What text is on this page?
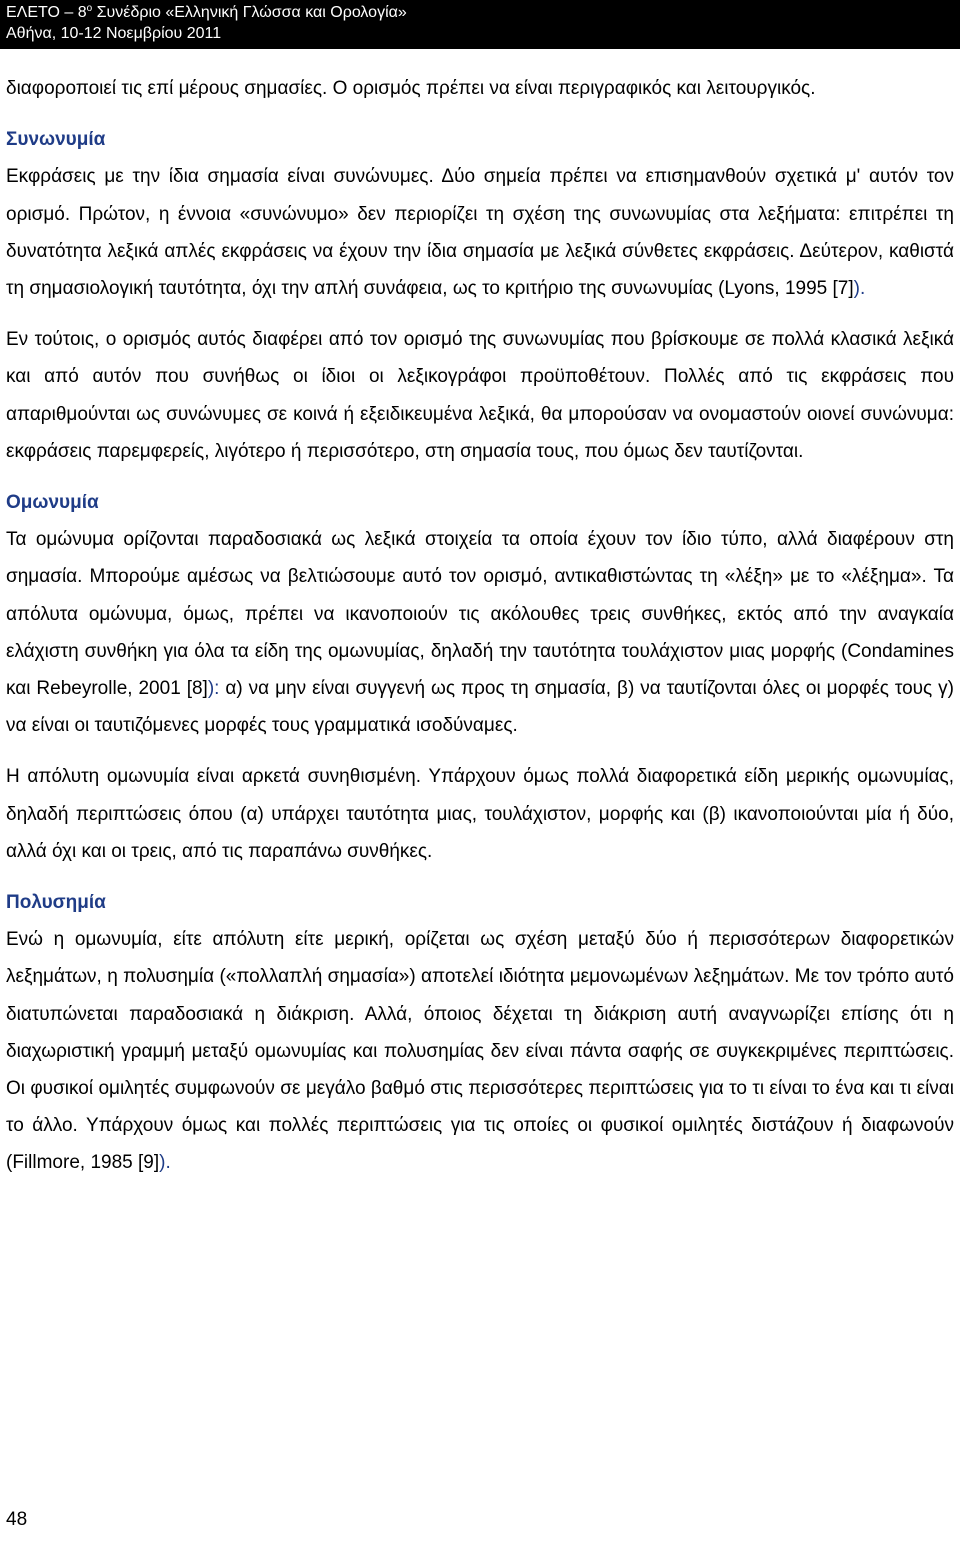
ΕΛΕΤΟ – $8^o$ Συνέδριο «Ελληνική Γλώσσα και Ορολογία»
Αθήνα, 10-12 Νοεμβρίου 2011

διαφοροποιεί τις επί μέρους σημασίες. Ο ορισμός πρέπει να είναι περιγραφικός και λειτουργικός.

Συνωνυμία

Εκφράσεις με την ίδια σημασία είναι συνώνυμες. Δύο σημεία πρέπει να επισημανθούν σχετικά μ' αυτόν τον ορισμό. Πρώτον, η έννοια «συνώνυμο» δεν περιορίζει τη σχέση της συνωνυμίας στα λεξήματα: επιτρέπει τη δυνατότητα λεξικά απλές εκφράσεις να έχουν την ίδια σημασία με λεξικά σύνθετες εκφράσεις. Δεύτερον, καθιστά τη σημασιολογική ταυτότητα, όχι την απλή συνάφεια, ως το κριτήριο της συνωνυμίας (Lyons, 1995 [7]).

Εν τούτοις, ο ορισμός αυτός διαφέρει από τον ορισμό της συνωνυμίας που βρίσκουμε σε πολλά κλασικά λεξικά και από αυτόν που συνήθως οι ίδιοι οι λεξικογράφοι προϋποθέτουν. Πολλές από τις εκφράσεις που απαριθμούνται ως συνώνυμες σε κοινά ή εξειδικευμένα λεξικά, θα μπορούσαν να ονομαστούν οιονεί συνώνυμα: εκφράσεις παρεμφερείς, λιγότερο ή περισσότερο, στη σημασία τους, που όμως δεν ταυτίζονται.

Ομωνυμία

Τα ομώνυμα ορίζονται παραδοσιακά ως λεξικά στοιχεία τα οποία έχουν τον ίδιο τύπο, αλλά διαφέρουν στη σημασία. Μπορούμε αμέσως να βελτιώσουμε αυτό τον ορισμό, αντικαθιστώντας τη «λέξη» με το «λέξημα». Τα απόλυτα ομώνυμα, όμως, πρέπει να ικανοποιούν τις ακόλουθες τρεις συνθήκες, εκτός από την αναγκαία ελάχιστη συνθήκη για όλα τα είδη της ομωνυμίας, δηλαδή την ταυτότητα τουλάχιστον μιας μορφής (Condamines και Rebeyrolle, 2001 [8]): α) να μην είναι συγγενή ως προς τη σημασία, β) να ταυτίζονται όλες οι μορφές τους γ) να είναι οι ταυτιζόμενες μορφές τους γραμματικά ισοδύναμες.

Η απόλυτη ομωνυμία είναι αρκετά συνηθισμένη. Υπάρχουν όμως πολλά διαφορετικά είδη μερικής ομωνυμίας, δηλαδή περιπτώσεις όπου (α) υπάρχει ταυτότητα μιας, τουλάχιστον, μορφής και (β) ικανοποιούνται μία ή δύο, αλλά όχι και οι τρεις, από τις παραπάνω συνθήκες.

Πολυσημία

Ενώ η ομωνυμία, είτε απόλυτη είτε μερική, ορίζεται ως σχέση μεταξύ δύο ή περισσότερων διαφορετικών λεξημάτων, η πολυσημία («πολλαπλή σημασία») αποτελεί ιδιότητα μεμονωμένων λεξημάτων. Με τον τρόπο αυτό διατυπώνεται παραδοσιακά η διάκριση. Αλλά, όποιος δέχεται τη διάκριση αυτή αναγνωρίζει επίσης ότι η διαχωριστική γραμμή μεταξύ ομωνυμίας και πολυσημίας δεν είναι πάντα σαφής σε συγκεκριμένες περιπτώσεις. Οι φυσικοί ομιλητές συμφωνούν σε μεγάλο βαθμό στις περισσότερες περιπτώσεις για το τι είναι το ένα και τι είναι το άλλο. Υπάρχουν όμως και πολλές περιπτώσεις για τις οποίες οι φυσικοί ομιλητές διστάζουν ή διαφωνούν (Fillmore, 1985 [9]).

48
